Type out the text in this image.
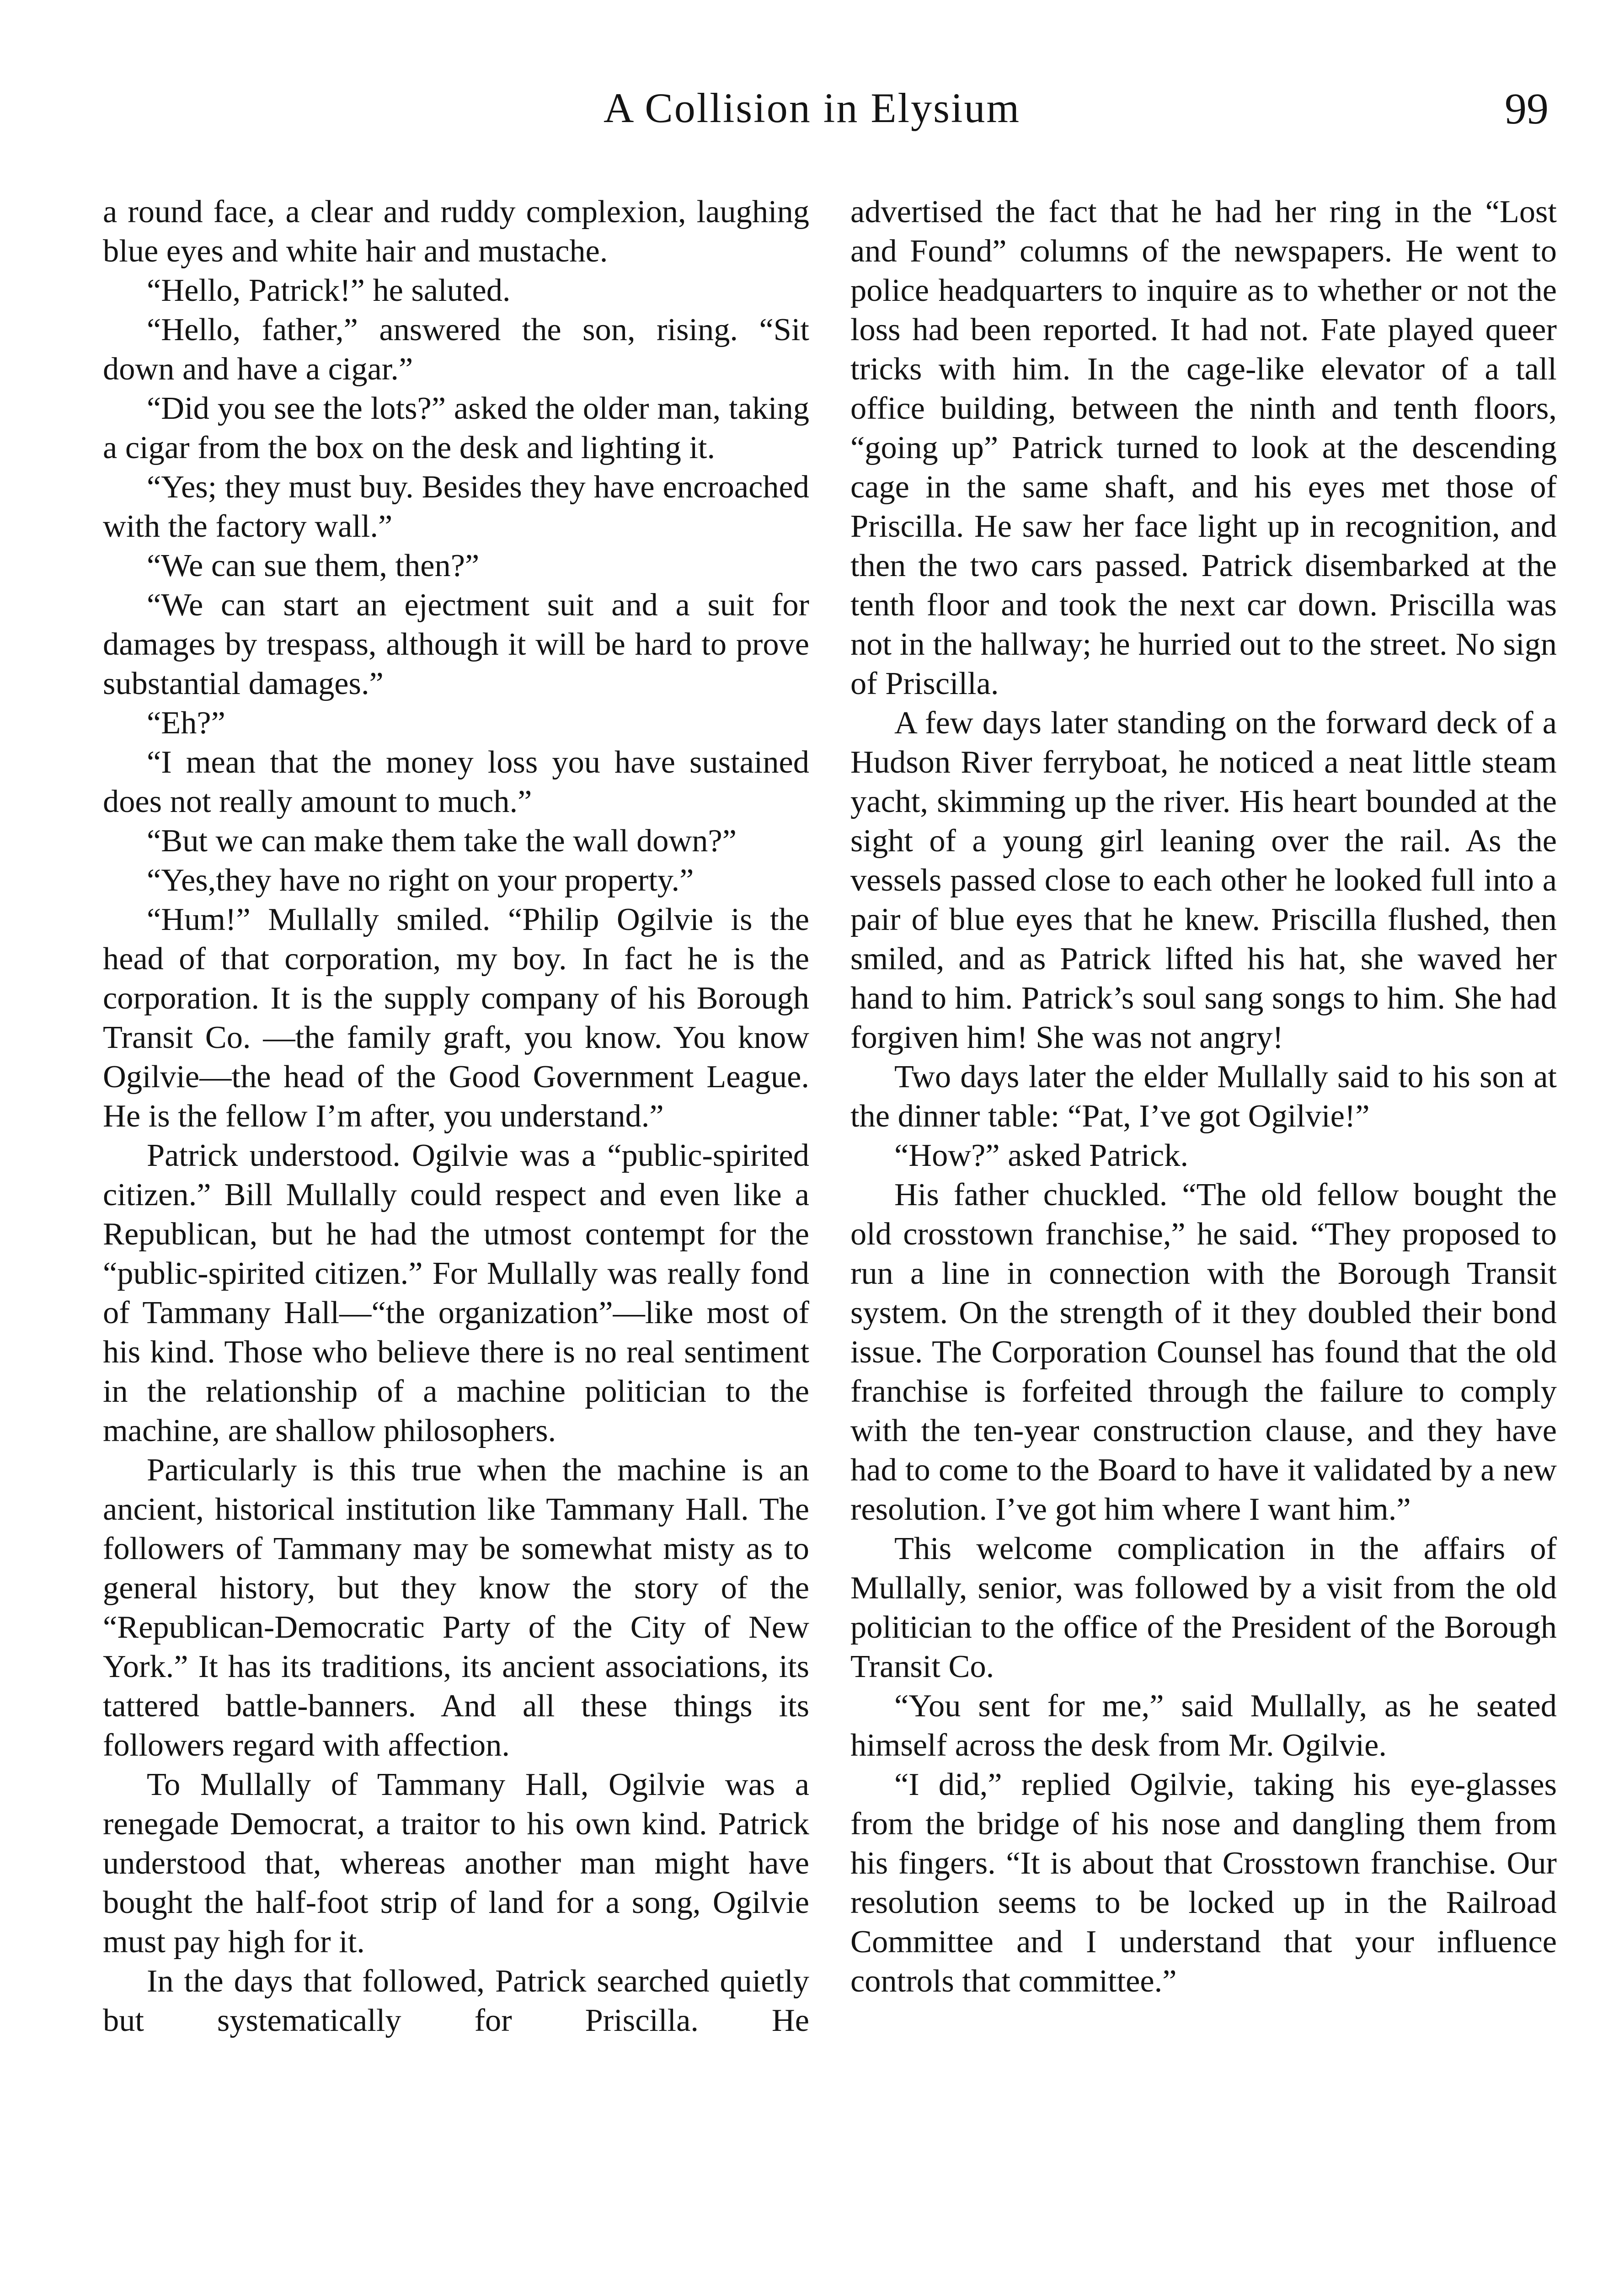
A Collision in Elysium	99

a round face, a clear and ruddy complexion, laughing blue eyes and white hair and mustache.

“Hello, Patrick!” he saluted.

“Hello, father,” answered the son, rising. “Sit down and have a cigar.”

“Did you see the lots?” asked the older man, taking a cigar from the box on the desk and lighting it.

“Yes; they must buy. Besides they have encroached with the factory wall.”

“We can sue them, then?”

“We can start an ejectment suit and a suit for damages by trespass, although it will be hard to prove substantial damages.”

“Eh?”

“I mean that the money loss you have sustained does not really amount to much.”

“But we can make them take the wall down?”

“Yes,they have no right on your property.”

“Hum!” Mullally smiled. “Philip Ogilvie is the head of that corporation, my boy. In fact he is the corporation. It is the supply company of his Borough Transit Co. —the family graft, you know. You know Ogilvie—the head of the Good Government League. He is the fellow I’m after, you understand.”

Patrick understood. Ogilvie was a “public-spirited citizen.” Bill Mullally could respect and even like a Republican, but he had the utmost contempt for the “public-spirited citizen.” For Mullally was really fond of Tammany Hall—“the organization”—like most of his kind. Those who believe there is no real sentiment in the relationship of a machine politician to the machine, are shallow philosophers.

Particularly is this true when the machine is an ancient, historical institution like Tammany Hall. The followers of Tammany may be somewhat misty as to general history, but they know the story of the “Republican-Democratic Party of the City of New York.” It has its traditions, its ancient associations, its tattered battle-banners. And all these things its followers regard with affection.

To Mullally of Tammany Hall, Ogilvie was a renegade Democrat, a traitor to his own kind. Patrick understood that, whereas another man might have bought the half-foot strip of land for a song, Ogilvie must pay high for it.

In the days that followed, Patrick searched quietly but systematically for Priscilla. He

advertised the fact that he had her ring in the “Lost and Found” columns of the newspapers. He went to police headquarters to inquire as to whether or not the loss had been reported. It had not. Fate played queer tricks with him. In the cage-like elevator of a tall office building, between the ninth and tenth floors, “going up” Patrick turned to look at the descending cage in the same shaft, and his eyes met those of Priscilla. He saw her face light up in recognition, and then the two cars passed. Patrick disembarked at the tenth floor and took the next car down. Priscilla was not in the hallway; he hurried out to the street. No sign of Priscilla.

A few days later standing on the forward deck of a Hudson River ferryboat, he noticed a neat little steam yacht, skimming up the river. His heart bounded at the sight of a young girl leaning over the rail. As the vessels passed close to each other he looked full into a pair of blue eyes that he knew. Priscilla flushed, then smiled, and as Patrick lifted his hat, she waved her hand to him. Patrick’s soul sang songs to him. She had forgiven him! She was not angry!

Two days later the elder Mullally said to his son at the dinner table: “Pat, I’ve got Ogilvie!”

“How?” asked Patrick.

His father chuckled. “The old fellow bought the old crosstown franchise,” he said. “They proposed to run a line in connection with the Borough Transit system. On the strength of it they doubled their bond issue. The Corporation Counsel has found that the old franchise is forfeited through the failure to comply with the ten-year construction clause, and they have had to come to the Board to have it validated by a new resolution. I’ve got him where I want him.”

This welcome complication in the affairs of Mullally, senior, was followed by a visit from the old politician to the office of the President of the Borough Transit Co.

“You sent for me,” said Mullally, as he seated himself across the desk from Mr. Ogilvie.

“I did,” replied Ogilvie, taking his eye-glasses from the bridge of his nose and dangling them from his fingers. “It is about that Crosstown franchise. Our resolution seems to be locked up in the Railroad Committee and I understand that your influence controls that committee.”
